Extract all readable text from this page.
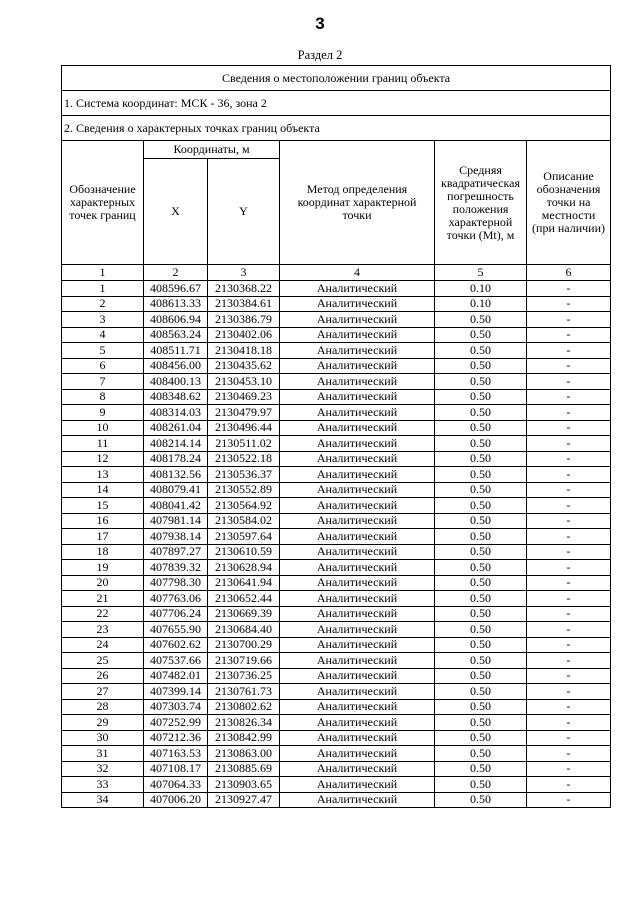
3
Раздел 2
Сведения о местоположении границ объекта					
1. Система координат: МСК - 36, зона 2					
2. Сведения о характерных точках границ объекта					
Обозначение характерных точек границ	Координаты, м		Метод определения координат характерной точки	Средняя квадратическая погрешность положения характерной точки (Mt), м	Описание обозначения точки на местности (при наличии)
	X	Y			
1	2	3	4	5	6
1	408596.67	2130368.22	Аналитический	0.10	-
2	408613.33	2130384.61	Аналитический	0.10	-
3	408606.94	2130386.79	Аналитический	0.50	-
4	408563.24	2130402.06	Аналитический	0.50	-
5	408511.71	2130418.18	Аналитический	0.50	-
6	408456.00	2130435.62	Аналитический	0.50	-
7	408400.13	2130453.10	Аналитический	0.50	-
8	408348.62	2130469.23	Аналитический	0.50	-
9	408314.03	2130479.97	Аналитический	0.50	-
10	408261.04	2130496.44	Аналитический	0.50	-
11	408214.14	2130511.02	Аналитический	0.50	-
12	408178.24	2130522.18	Аналитический	0.50	-
13	408132.56	2130536.37	Аналитический	0.50	-
14	408079.41	2130552.89	Аналитический	0.50	-
15	408041.42	2130564.92	Аналитический	0.50	-
16	407981.14	2130584.02	Аналитический	0.50	-
17	407938.14	2130597.64	Аналитический	0.50	-
18	407897.27	2130610.59	Аналитический	0.50	-
19	407839.32	2130628.94	Аналитический	0.50	-
20	407798.30	2130641.94	Аналитический	0.50	-
21	407763.06	2130652.44	Аналитический	0.50	-
22	407706.24	2130669.39	Аналитический	0.50	-
23	407655.90	2130684.40	Аналитический	0.50	-
24	407602.62	2130700.29	Аналитический	0.50	-
25	407537.66	2130719.66	Аналитический	0.50	-
26	407482.01	2130736.25	Аналитический	0.50	-
27	407399.14	2130761.73	Аналитический	0.50	-
28	407303.74	2130802.62	Аналитический	0.50	-
29	407252.99	2130826.34	Аналитический	0.50	-
30	407212.36	2130842.99	Аналитический	0.50	-
31	407163.53	2130863.00	Аналитический	0.50	-
32	407108.17	2130885.69	Аналитический	0.50	-
33	407064.33	2130903.65	Аналитический	0.50	-
34	407006.20	2130927.47	Аналитический	0.50	-
